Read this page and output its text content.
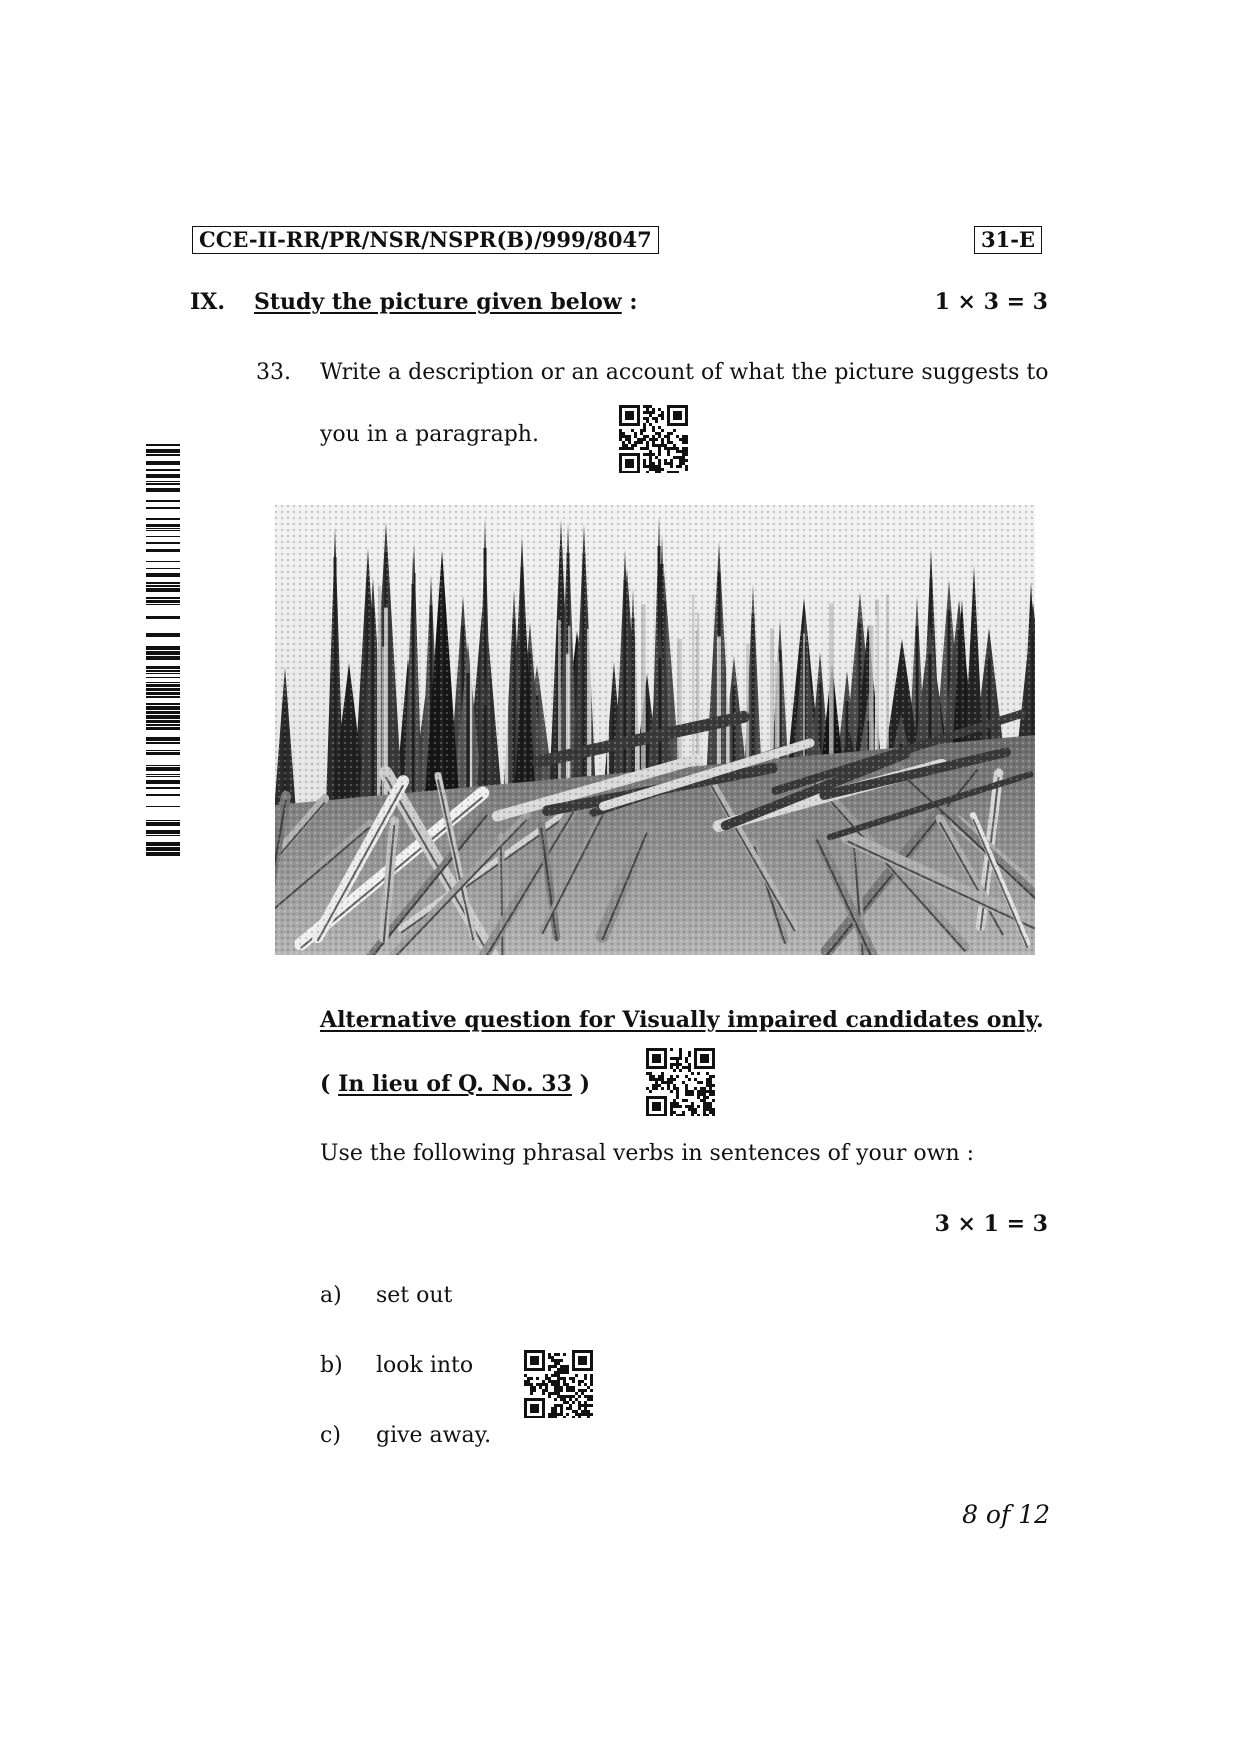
CCE-II-RR/PR/NSR/NSPR(B)/999/8047	31-E
IX. Study the picture given below :	1 × 3 = 3
33. Write a description or an account of what the picture suggests to
you in a paragraph.
Alternative question for Visually impaired candidates only.
( In lieu of Q. No. 33 )
Use the following phrasal verbs in sentences of your own :
3 × 1 = 3
a) set out
b) look into
c) give away.
8 of 12
